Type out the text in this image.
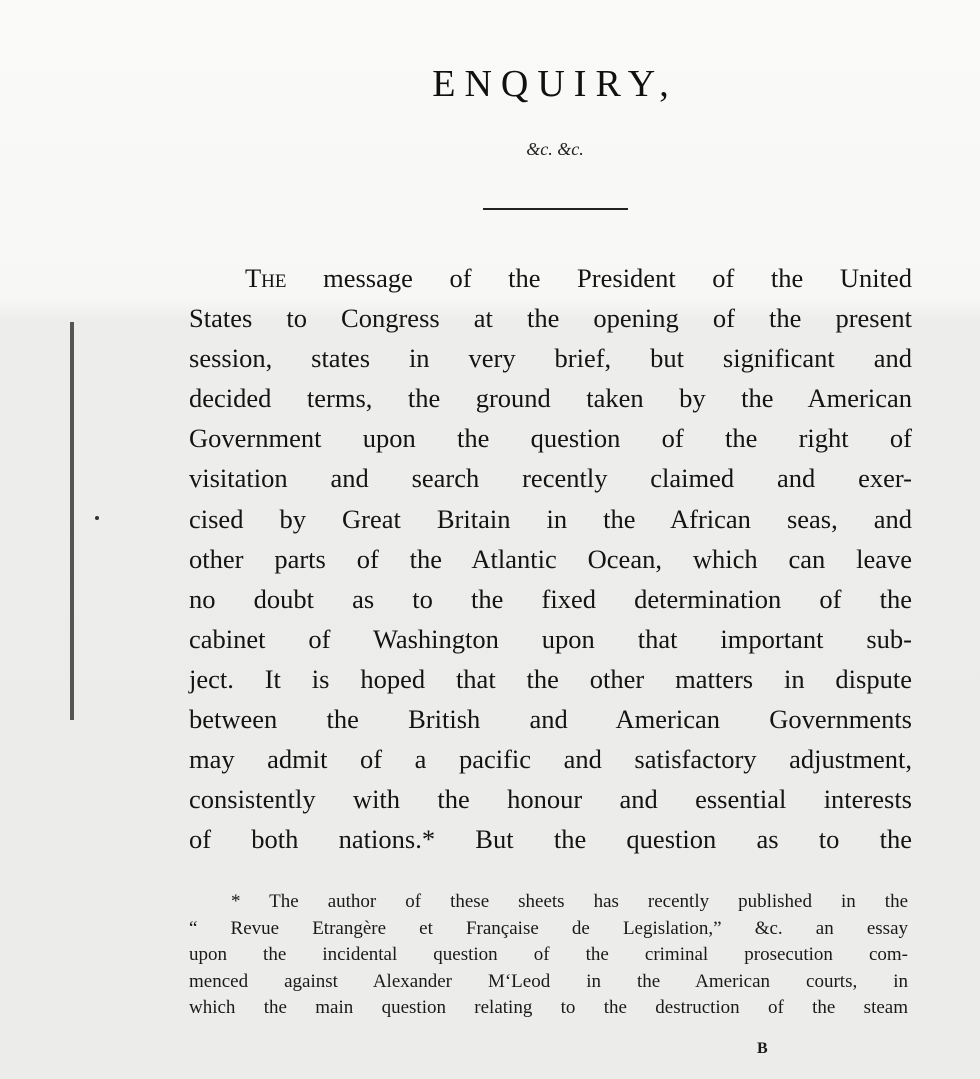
ENQUIRY,
&c. &c.
The message of the President of the United
States to Congress at the opening of the present
session, states in very brief, but significant and
decided terms, the ground taken by the American
Government upon the question of the right of
visitation and search recently claimed and exer-
cised by Great Britain in the African seas, and
other parts of the Atlantic Ocean, which can leave
no doubt as to the fixed determination of the
cabinet of Washington upon that important sub-
ject. It is hoped that the other matters in dispute
between the British and American Governments
may admit of a pacific and satisfactory adjustment,
consistently with the honour and essential interests
of both nations.* But the question as to the
* The author of these sheets has recently published in the
“ Revue Etrangère et Française de Legislation,” &c. an essay
upon the incidental question of the criminal prosecution com-
menced against Alexander M‘Leod in the American courts, in
which the main question relating to the destruction of the steam
B
